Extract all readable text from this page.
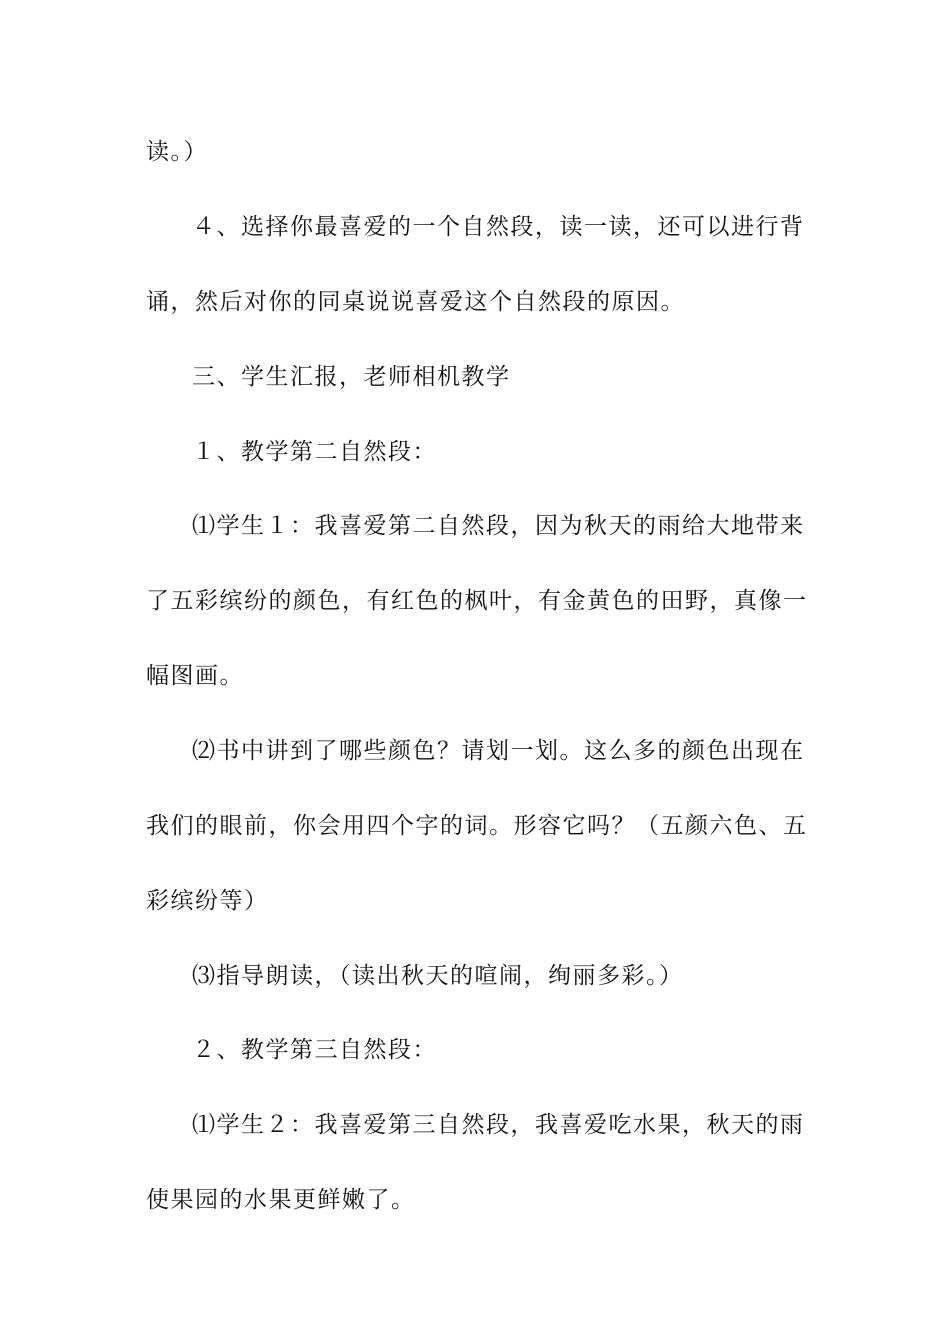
读。）
４、选择你最喜爱的一个自然段，读一读，还可以进行背
诵，然后对你的同桌说说喜爱这个自然段的原因。
三、学生汇报，老师相机教学
１、教学第二自然段：
⑴学生１：我喜爱第二自然段，因为秋天的雨给大地带来
了五彩缤纷的颜色，有红色的枫叶，有金黄色的田野，真像一
幅图画。
⑵书中讲到了哪些颜色？请划一划。这么多的颜色出现在
我们的眼前，你会用四个字的词。形容它吗？（五颜六色、五
彩缤纷等）
⑶指导朗读，（读出秋天的喧闹，绚丽多彩。）
２、教学第三自然段：
⑴学生２：我喜爱第三自然段，我喜爱吃水果，秋天的雨
使果园的水果更鲜嫩了。
